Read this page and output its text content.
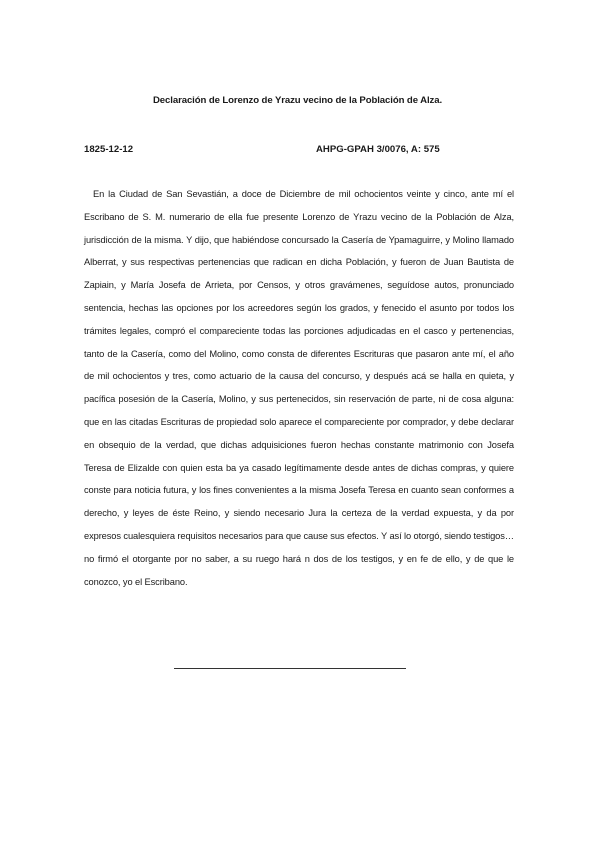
Declaración de Lorenzo de Yrazu vecino de la Población de Alza.
1825-12-12	AHPG-GPAH 3/0076, A: 575

En la Ciudad de San Sevastián, a doce de Diciembre de mil ochocientos veinte y cinco, ante mí el Escribano de S. M. numerario de ella fue presente Lorenzo de Yrazu vecino de la Población de Alza, jurisdicción de la misma. Y dijo, que habiéndose concursado la Casería de Ypamaguirre, y Molino llamado Alberrat, y sus respectivas pertenencias que radican en dicha Población, y fueron de Juan Bautista de Zapiain, y María Josefa de Arrieta, por Censos, y otros gravámenes, seguídose autos, pronunciado sentencia, hechas las opciones por los acreedores según los grados, y fenecido el asunto por todos los trámites legales, compró el compareciente todas las porciones adjudicadas en el casco y pertenencias, tanto de la Casería, como del Molino, como consta de diferentes Escrituras que pasaron ante mí, el año de mil ochocientos y tres, como actuario de la causa del concurso, y después acá se halla en quieta, y pacífica posesión de la Casería, Molino, y sus pertenecidos, sin reservación de parte, ni de cosa alguna: que en las citadas Escrituras de propiedad solo aparece el compareciente por comprador, y debe declarar en obsequio de la verdad, que dichas adquisiciones fueron hechas constante matrimonio con Josefa Teresa de Elizalde con quien esta ba ya casado legítimamente desde antes de dichas compras, y quiere conste para noticia futura, y los fines convenientes a la misma Josefa Teresa en cuanto sean conformes a derecho, y leyes de éste Reino, y siendo necesario Jura la certeza de la verdad expuesta, y da por expresos cualesquiera requisitos necesarios para que cause sus efectos. Y así lo otorgó, siendo testigos…no firmó el otorgante por no saber, a su ruego hará n dos de los testigos, y en fe de ello, y de que le conozco, yo el Escribano.
